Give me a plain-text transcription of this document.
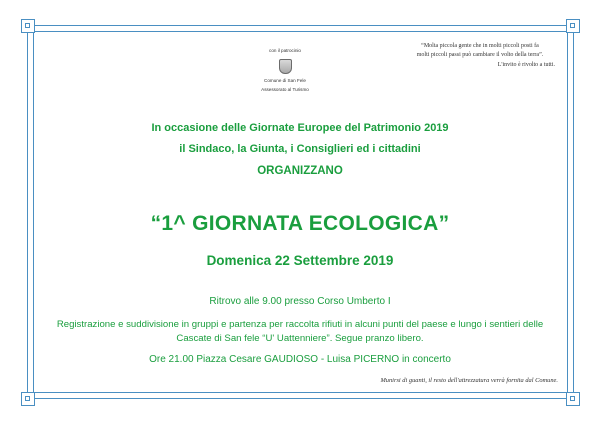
con il patrocinio
Comune di San Fele
Assessorato al Turismo
“Molta piccola gente che in molti piccoli posti fa
molti piccoli passi può cambiare il volto della terra”.
L'invito è rivolto a tutti.
In occasione delle Giornate Europee del Patrimonio 2019
il Sindaco, la Giunta, i Consiglieri ed i cittadini
ORGANIZZANO
“1^ GIORNATA ECOLOGICA”
Domenica 22 Settembre 2019
Ritrovo alle 9.00 presso Corso Umberto I
Registrazione e suddivisione in gruppi e partenza per raccolta rifiuti in alcuni punti del paese e lungo i sentieri delle
Cascate di San fele “U' Uattenniere”. Segue pranzo libero.
Ore 21.00 Piazza Cesare GAUDIOSO - Luisa PICERNO in concerto
Munirsi di guanti, il resto dell'attrezzatura verrà fornita dal Comune.
